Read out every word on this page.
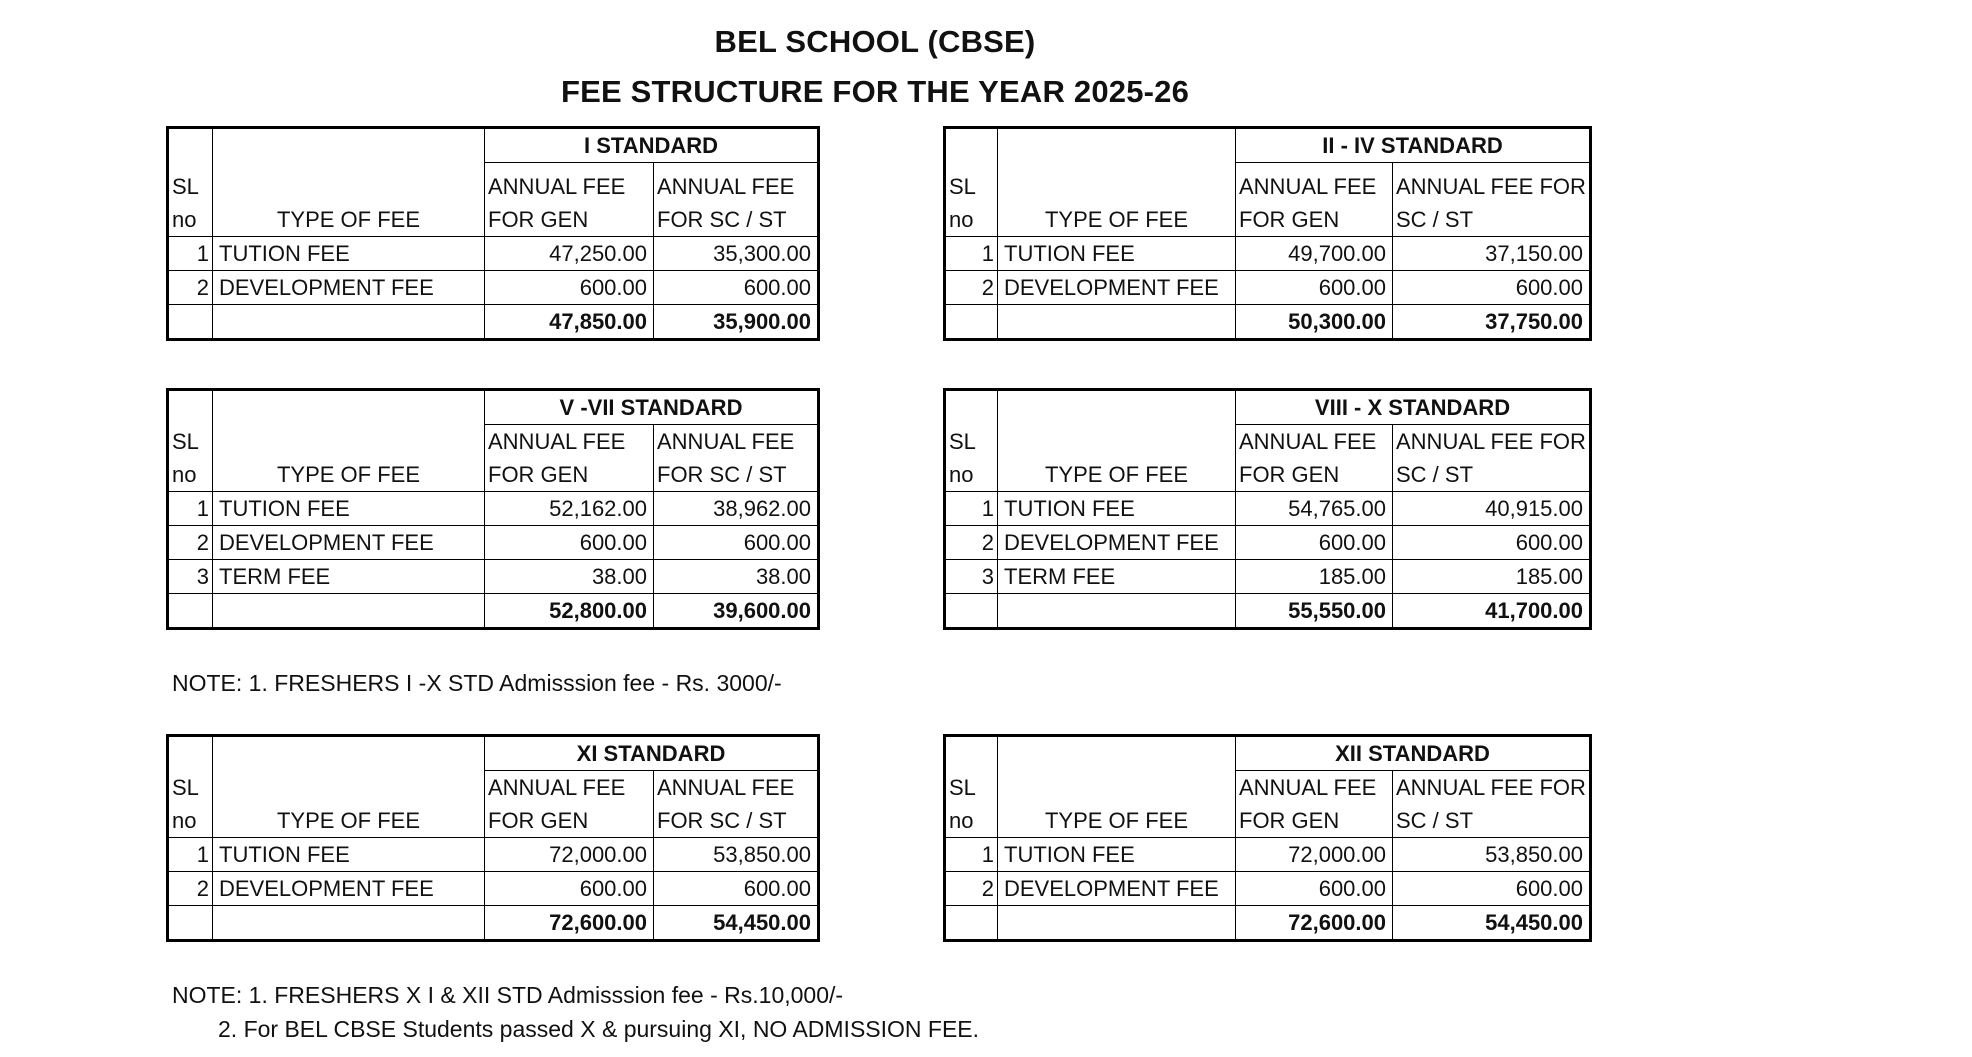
BEL SCHOOL (CBSE)
FEE STRUCTURE FOR THE YEAR 2025-26
SL
no	TYPE OF FEE	I STANDARD	
		ANNUAL FEE	ANNUAL FEE
		FOR GEN	FOR SC / ST
1	TUTION FEE	47,250.00	35,300.00
2	DEVELOPMENT FEE	600.00	600.00
		47,850.00	35,900.00
SL
no	TYPE OF FEE	II - IV STANDARD	
		ANNUAL FEE	ANNUAL FEE FOR
		FOR GEN	SC / ST
1	TUTION FEE	49,700.00	37,150.00
2	DEVELOPMENT FEE	600.00	600.00
		50,300.00	37,750.00
SL
no	TYPE OF FEE	V -VII STANDARD	
		ANNUAL FEE	ANNUAL FEE
		FOR GEN	FOR SC / ST
1	TUTION FEE	52,162.00	38,962.00
2	DEVELOPMENT FEE	600.00	600.00
3	TERM FEE	38.00	38.00
		52,800.00	39,600.00
SL
no	TYPE OF FEE	VIII - X STANDARD	
		ANNUAL FEE	ANNUAL FEE FOR
		FOR GEN	SC / ST
1	TUTION FEE	54,765.00	40,915.00
2	DEVELOPMENT FEE	600.00	600.00
3	TERM FEE	185.00	185.00
		55,550.00	41,700.00
NOTE: 1. FRESHERS I -X STD Admisssion fee - Rs. 3000/-
SL
no	TYPE OF FEE	XI STANDARD	
		ANNUAL FEE	ANNUAL FEE
		FOR GEN	FOR SC / ST
1	TUTION FEE	72,000.00	53,850.00
2	DEVELOPMENT FEE	600.00	600.00
		72,600.00	54,450.00
SL
no	TYPE OF FEE	XII STANDARD	
		ANNUAL FEE	ANNUAL FEE FOR
		FOR GEN	SC / ST
1	TUTION FEE	72,000.00	53,850.00
2	DEVELOPMENT FEE	600.00	600.00
		72,600.00	54,450.00
NOTE: 1. FRESHERS X I & XII STD Admisssion fee - Rs.10,000/-
2. For BEL CBSE Students passed X & pursuing XI, NO ADMISSION FEE.
